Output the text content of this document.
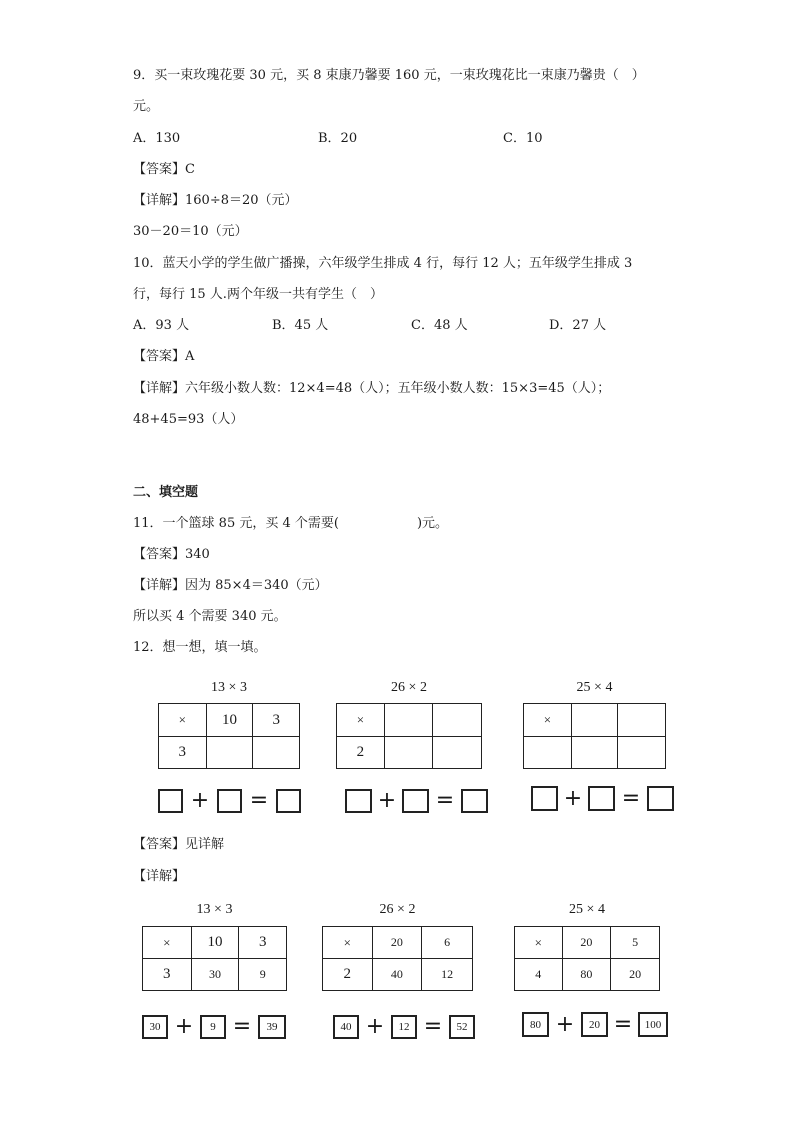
9．买一束玫瑰花要 30 元，买 8 束康乃馨要 160 元，一束玫瑰花比一束康乃馨贵（　）
元。
A．130	B．20	C．10
【答案】C
【详解】160÷8＝20（元）
30－20＝10（元）
10．蓝天小学的学生做广播操，六年级学生排成 4 行，每行 12 人；五年级学生排成 3
行，每行 15 人.两个年级一共有学生（　）
A．93 人	B．45 人	C．48 人	D．27 人
【答案】A
【详解】六年级小数人数：12×4=48（人）；五年级小数人数：15×3=45（人）；
48+45=93（人）
二、填空题
11．一个篮球 85 元，买 4 个需要(　　　　　　)元。
【答案】340
【详解】因为 85×4＝340（元）
所以买 4 个需要 340 元。
12．想一想，填一填。
13 × 3
×	10	3
3		
+	=
26 × 2
×		
2		
+	=
25 × 4
×		

+	=
【答案】见详解
【详解】
13 × 3
×	10	3
3	30	9
30 +	9 =	39
26 × 2
×	20	6
2	40	12
40 +	12 =	52
25 × 4
×	20	5
4	80	20
80 +	20 =	100
